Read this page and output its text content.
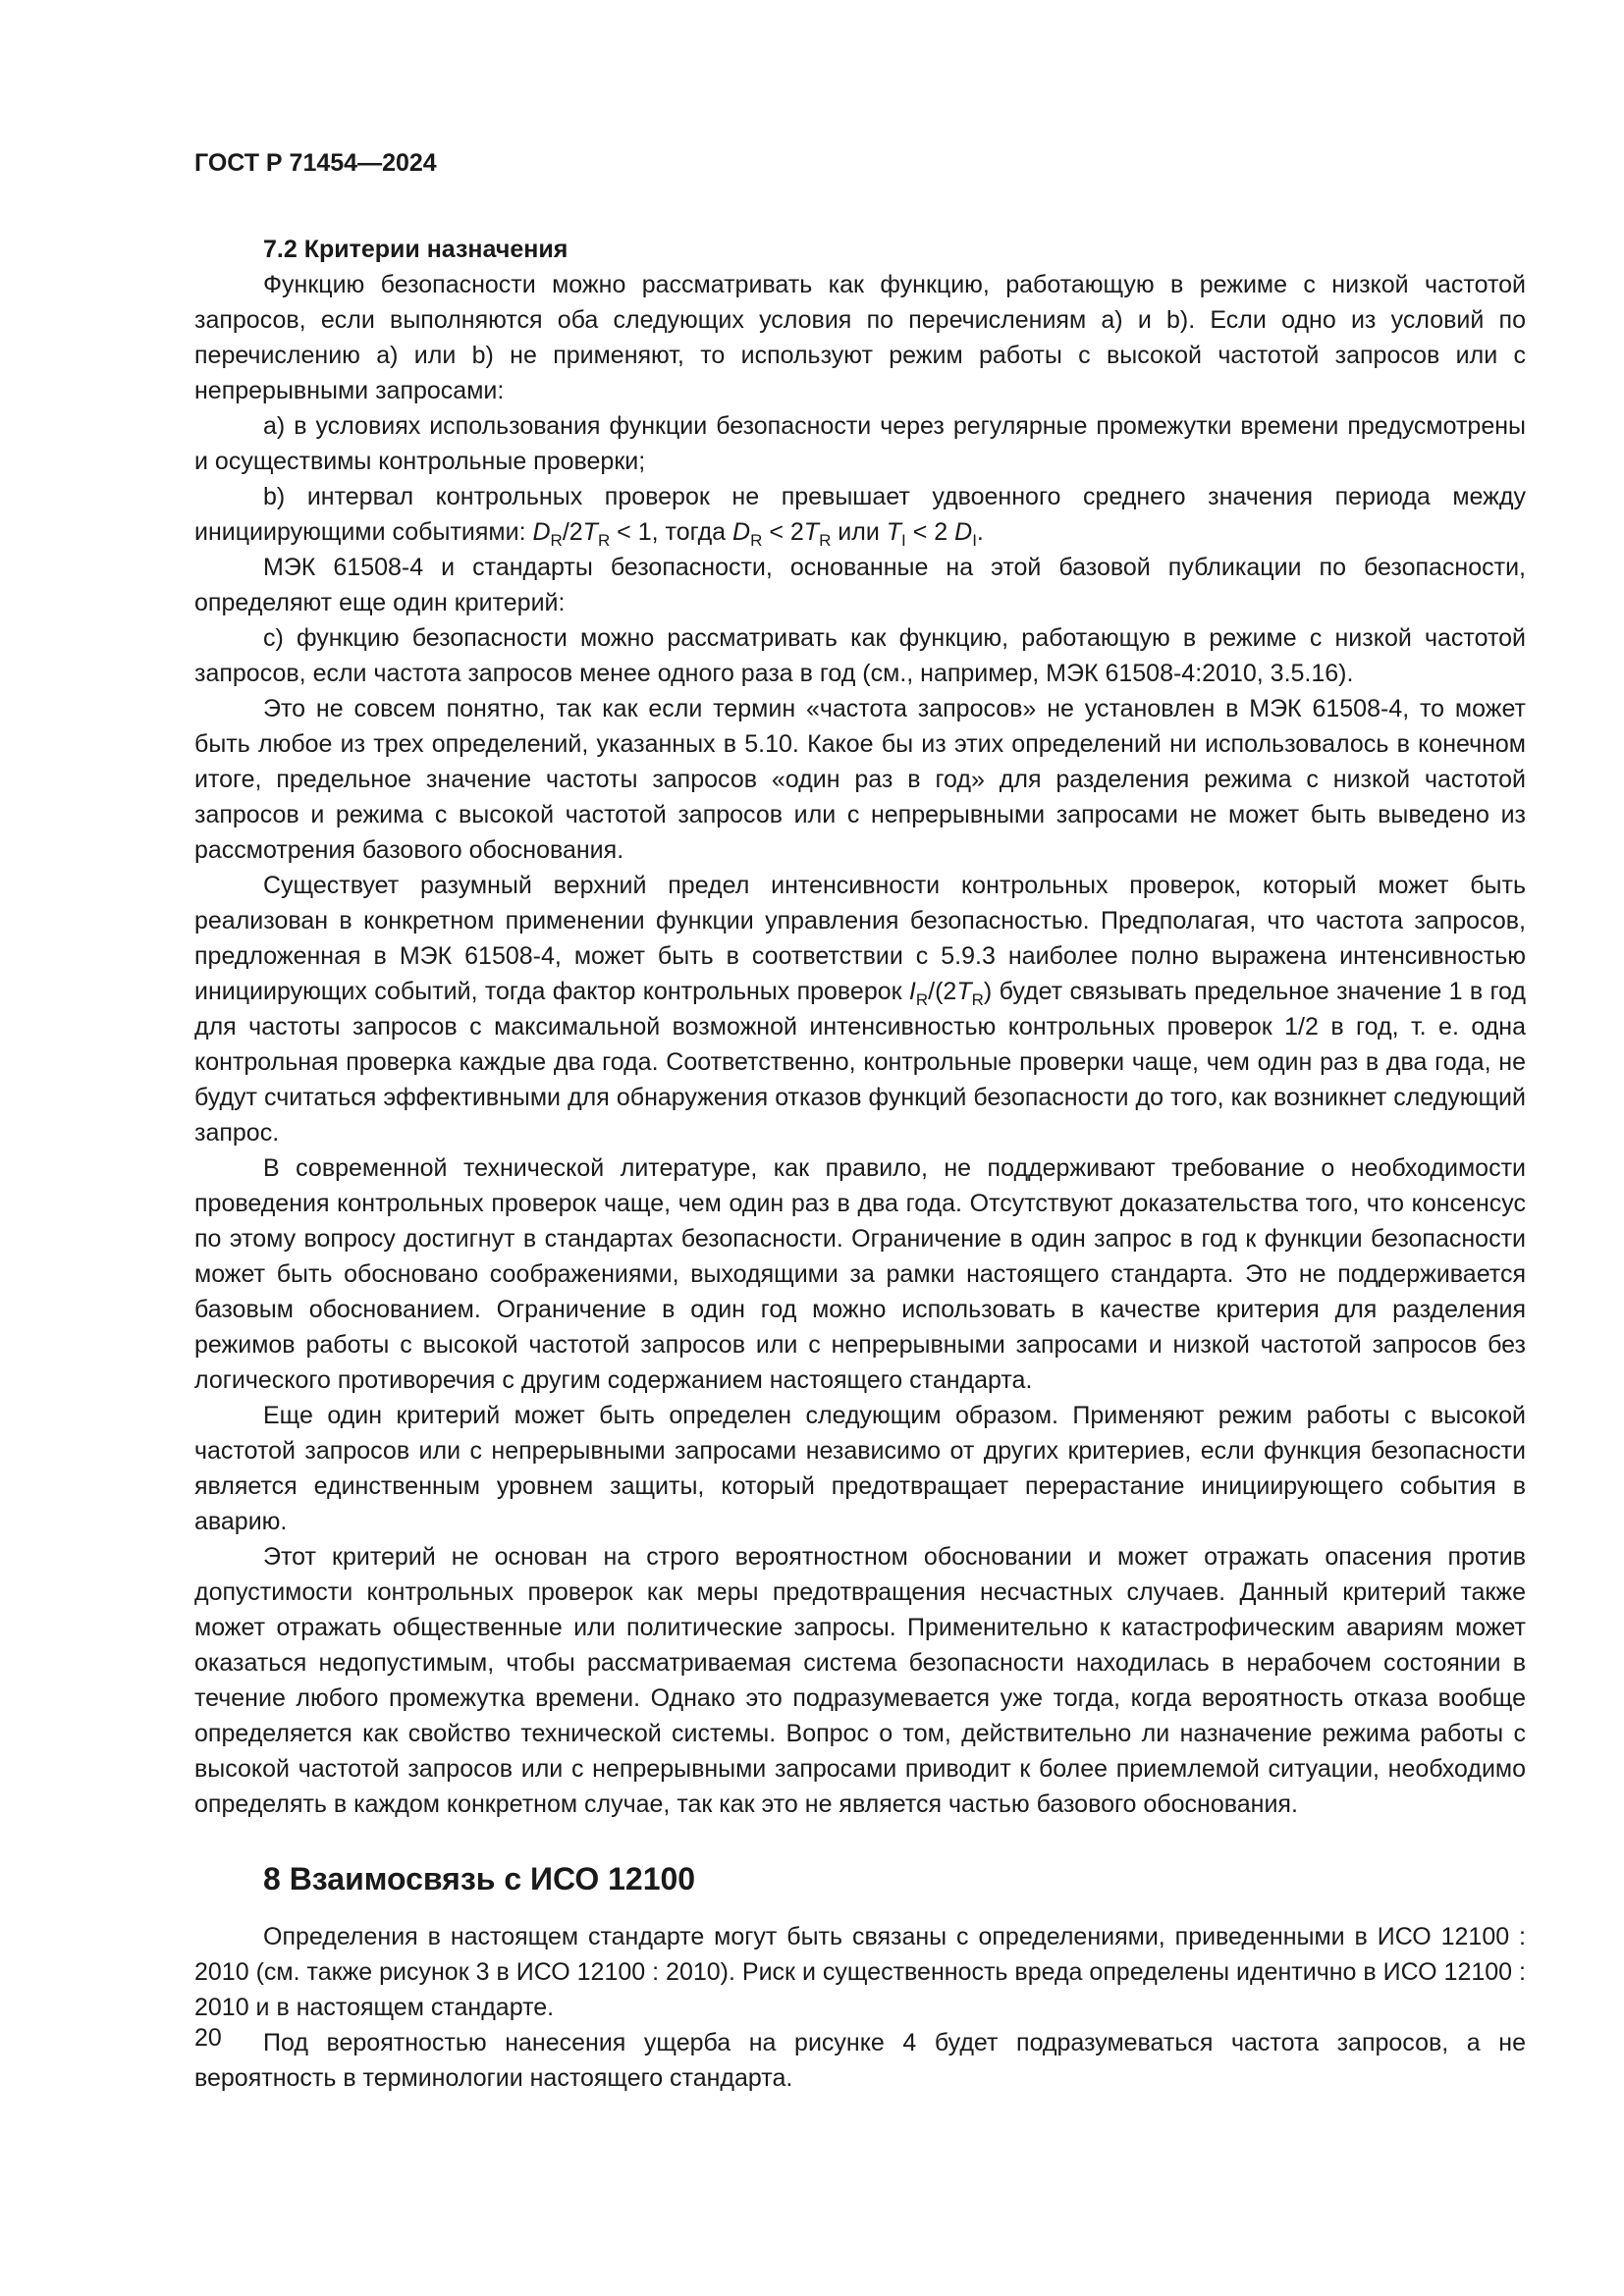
ГОСТ Р 71454—2024
7.2 Критерии назначения

Функцию безопасности можно рассматривать как функцию, работающую в режиме с низкой частотой запросов, если выполняются оба следующих условия по перечислениям a) и b). Если одно из условий по перечислению a) или b) не применяют, то используют режим работы с высокой частотой запросов или с непрерывными запросами:

a) в условиях использования функции безопасности через регулярные промежутки времени предусмотрены и осуществимы контрольные проверки;

b) интервал контрольных проверок не превышает удвоенного среднего значения периода между инициирующими событиями: $D_R/2T_R < 1$, тогда $D_R < 2T_R$ или $T_I < 2$ $D_I$.

МЭК 61508-4 и стандарты безопасности, основанные на этой базовой публикации по безопасности, определяют еще один критерий:

c) функцию безопасности можно рассматривать как функцию, работающую в режиме с низкой частотой запросов, если частота запросов менее одного раза в год (см., например, МЭК 61508-4:2010, 3.5.16).

Это не совсем понятно, так как если термин «частота запросов» не установлен в МЭК 61508-4, то может быть любое из трех определений, указанных в 5.10. Какое бы из этих определений ни использовалось в конечном итоге, предельное значение частоты запросов «один раз в год» для разделения режима с низкой частотой запросов и режима с высокой частотой запросов или с непрерывными запросами не может быть выведено из рассмотрения базового обоснования.

Существует разумный верхний предел интенсивности контрольных проверок, который может быть реализован в конкретном применении функции управления безопасностью. Предполагая, что частота запросов, предложенная в МЭК 61508-4, может быть в соответствии с 5.9.3 наиболее полно выражена интенсивностью инициирующих событий, тогда фактор контрольных проверок $I_R/(2T_R)$ будет связывать предельное значение 1 в год для частоты запросов с максимальной возможной интенсивностью контрольных проверок 1/2 в год, т. е. одна контрольная проверка каждые два года. Соответственно, контрольные проверки чаще, чем один раз в два года, не будут считаться эффективными для обнаружения отказов функций безопасности до того, как возникнет следующий запрос.

В современной технической литературе, как правило, не поддерживают требование о необходимости проведения контрольных проверок чаще, чем один раз в два года. Отсутствуют доказательства того, что консенсус по этому вопросу достигнут в стандартах безопасности. Ограничение в один запрос в год к функции безопасности может быть обосновано соображениями, выходящими за рамки настоящего стандарта. Это не поддерживается базовым обоснованием. Ограничение в один год можно использовать в качестве критерия для разделения режимов работы с высокой частотой запросов или с непрерывными запросами и низкой частотой запросов без логического противоречия с другим содержанием настоящего стандарта.

Еще один критерий может быть определен следующим образом. Применяют режим работы с высокой частотой запросов или с непрерывными запросами независимо от других критериев, если функция безопасности является единственным уровнем защиты, который предотвращает перерастание инициирующего события в аварию.

Этот критерий не основан на строго вероятностном обосновании и может отражать опасения против допустимости контрольных проверок как меры предотвращения несчастных случаев. Данный критерий также может отражать общественные или политические запросы. Применительно к катастрофическим авариям может оказаться недопустимым, чтобы рассматриваемая система безопасности находилась в нерабочем состоянии в течение любого промежутка времени. Однако это подразумевается уже тогда, когда вероятность отказа вообще определяется как свойство технической системы. Вопрос о том, действительно ли назначение режима работы с высокой частотой запросов или с непрерывными запросами приводит к более приемлемой ситуации, необходимо определять в каждом конкретном случае, так как это не является частью базового обоснования.

8 Взаимосвязь с ИСО 12100

Определения в настоящем стандарте могут быть связаны с определениями, приведенными в ИСО 12100 : 2010 (см. также рисунок 3 в ИСО 12100 : 2010). Риск и существенность вреда определены идентично в ИСО 12100 : 2010 и в настоящем стандарте.

Под вероятностью нанесения ущерба на рисунке 4 будет подразумеваться частота запросов, а не вероятность в терминологии настоящего стандарта.

20
